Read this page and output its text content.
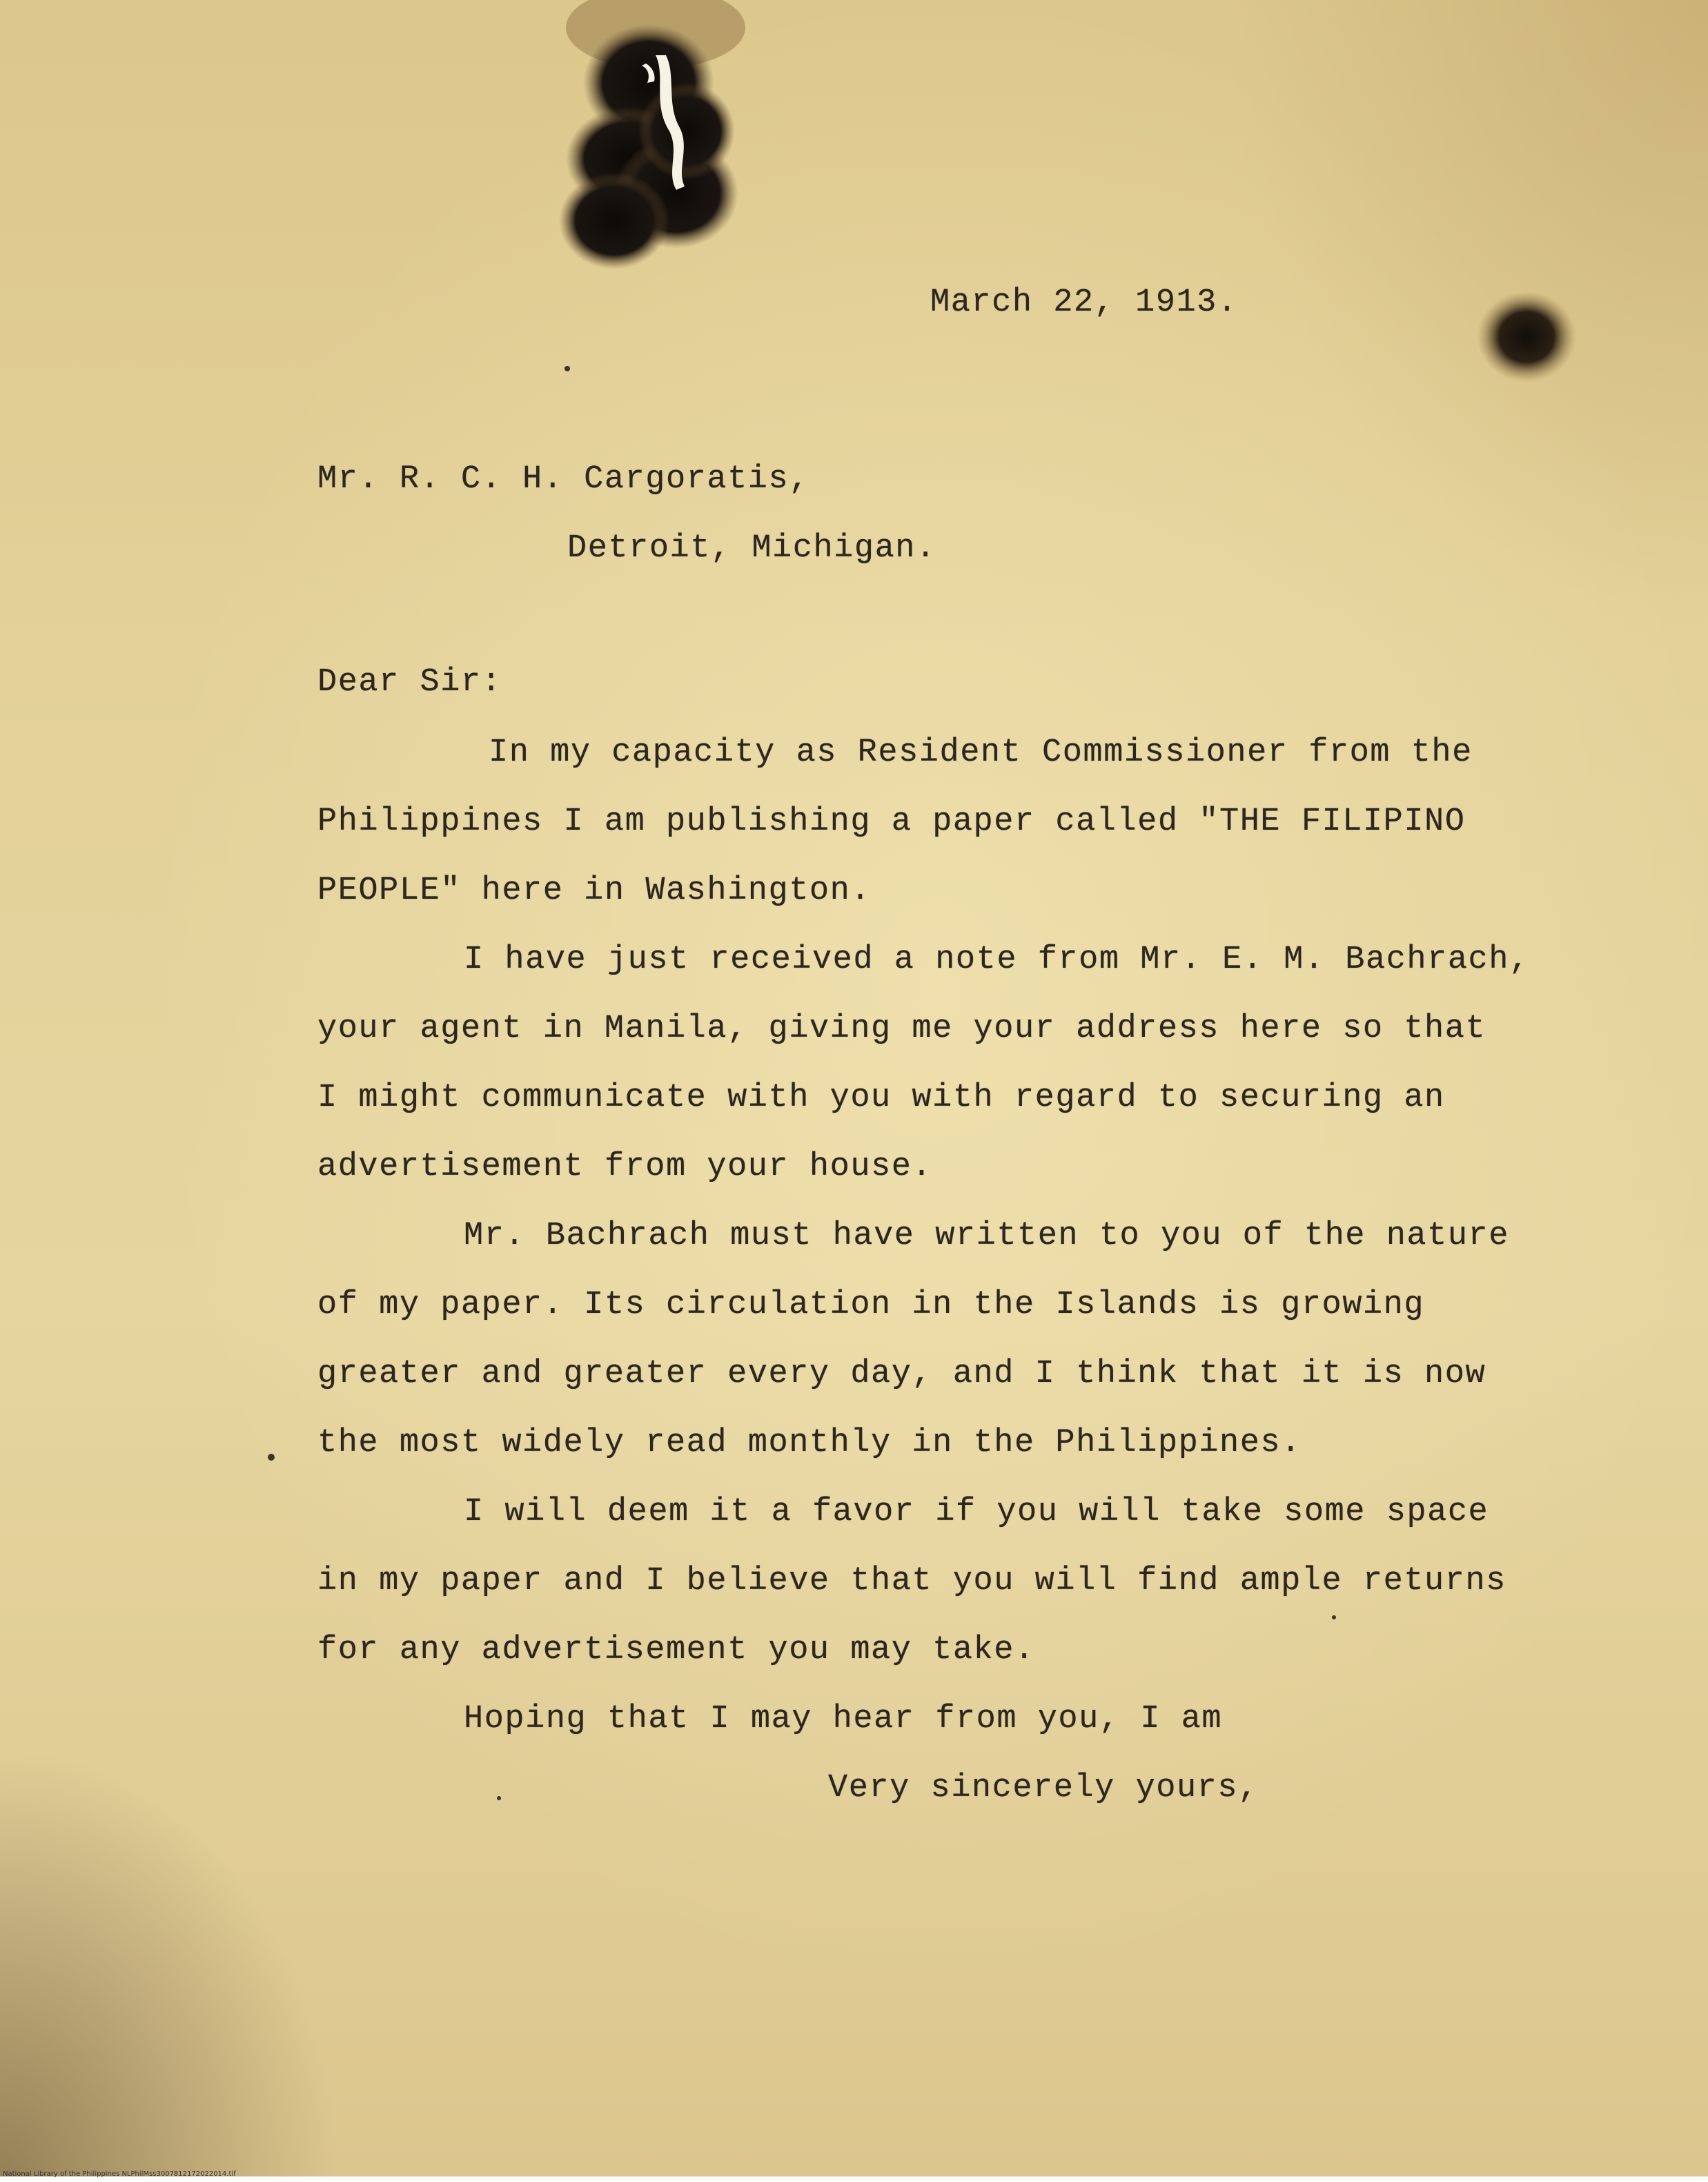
March 22, 1913.
Mr. R. C. H. Cargoratis,
Detroit, Michigan.
Dear Sir:
In my capacity as Resident Commissioner from the
Philippines I am publishing a paper called "THE FILIPINO
PEOPLE" here in Washington.
I have just received a note from Mr. E. M. Bachrach,
your agent in Manila, giving me your address here so that
I might communicate with you with regard to securing an
advertisement from your house.
Mr. Bachrach must have written to you of the nature
of my paper. Its circulation in the Islands is growing
greater and greater every day, and I think that it is now
the most widely read monthly in the Philippines.
I will deem it a favor if you will take some space
in my paper and I believe that you will find ample returns
for any advertisement you may take.
Hoping that I may hear from you, I am
Very sincerely yours,
National Library of the Philippines NLPhilMss3007812172022014.tif
